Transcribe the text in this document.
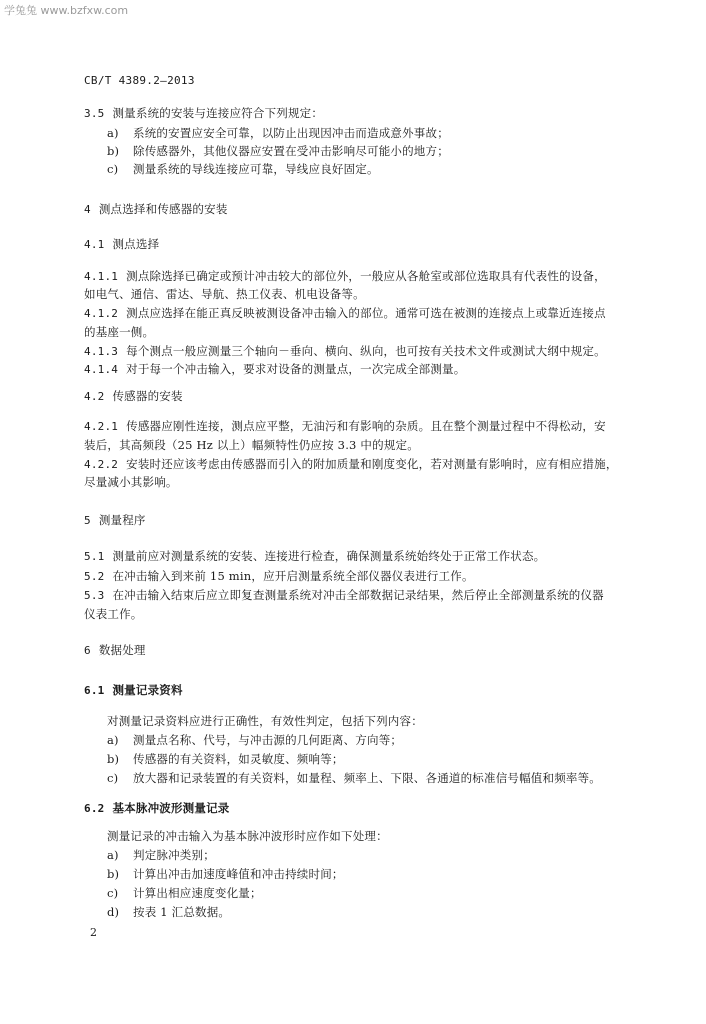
学兔兔 www.bzfxw.com
CB/T 4389.2—2013
3.5 测量系统的安装与连接应符合下列规定：
a) 系统的安置应安全可靠，以防止出现因冲击而造成意外事故；
b) 除传感器外，其他仪器应安置在受冲击影响尽可能小的地方；
c) 测量系统的导线连接应可靠，导线应良好固定。
4 测点选择和传感器的安装
4.1 测点选择
4.1.1 测点除选择已确定或预计冲击较大的部位外，一般应从各舱室或部位选取具有代表性的设备，
如电气、通信、雷达、导航、热工仪表、机电设备等。
4.1.2 测点应选择在能正真反映被测设备冲击输入的部位。通常可选在被测的连接点上或靠近连接点
的基座一侧。
4.1.3 每个测点一般应测量三个轴向－垂向、横向、纵向，也可按有关技术文件或测试大纲中规定。
4.1.4 对于每一个冲击输入，要求对设备的测量点，一次完成全部测量。
4.2 传感器的安装
4.2.1 传感器应刚性连接，测点应平整，无油污和有影响的杂质。且在整个测量过程中不得松动，安
装后，其高频段（25 Hz 以上）幅频特性仍应按 3.3 中的规定。
4.2.2 安装时还应该考虑由传感器而引入的附加质量和刚度变化，若对测量有影响时，应有相应措施，
尽量减小其影响。
5 测量程序
5.1 测量前应对测量系统的安装、连接进行检查，确保测量系统始终处于正常工作状态。
5.2 在冲击输入到来前 15 min，应开启测量系统全部仪器仪表进行工作。
5.3 在冲击输入结束后应立即复查测量系统对冲击全部数据记录结果，然后停止全部测量系统的仪器
仪表工作。
6 数据处理
6.1 测量记录资料
对测量记录资料应进行正确性，有效性判定，包括下列内容：
a) 测量点名称、代号，与冲击源的几何距离、方向等；
b) 传感器的有关资料，如灵敏度、频响等；
c) 放大器和记录装置的有关资料，如量程、频率上、下限、各通道的标准信号幅值和频率等。
6.2 基本脉冲波形测量记录
测量记录的冲击输入为基本脉冲波形时应作如下处理：
a) 判定脉冲类别；
b) 计算出冲击加速度峰值和冲击持续时间；
c) 计算出相应速度变化量；
d) 按表 1 汇总数据。
2
